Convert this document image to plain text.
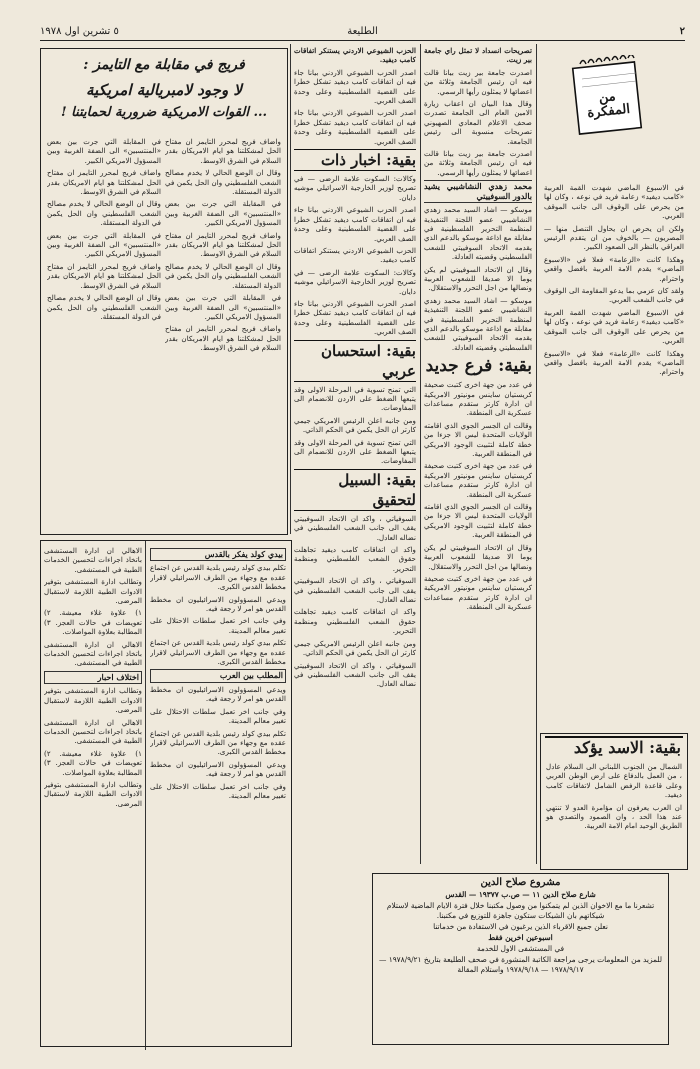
٢
الطليعة
٥ تشرين اول ١٩٧٨
من المفكرة

في الاسبوع الماضي شهدت القمة العربية «كامب ديفيد» زعامة فريد في نوعه ، وكان لها من يحرص على الوقوف الى جانب الموقف العربي.

ولكن ان يحرص ان يحاول التنصل منها — المصريون — بالخوف من ان يتقدم الرئيس العراقي بالنظر الى الصعود الكبير.

وهكذا كانت «الزعامة» فعلا في «الاسبوع الماضي» يقدم الامة العربية بافضل واقعي واحترام.

ولقد كان عزمي بما يدعو المقاومة الى الوقوف في جانب الشعب العربي.

في الاسبوع الماضي شهدت القمة العربية «كامب ديفيد» زعامة فريد في نوعه ، وكان لها من يحرص على الوقوف الى جانب الموقف العربي.

وهكذا كانت «الزعامة» فعلا في «الاسبوع الماضي» يقدم الامة العربية بافضل واقعي واحترام.

بقية: الاسد يؤكد

الشمال من الجنوب اللبناني الى السلام عادل ، من العمل بالدفاع على ارض الوطن العربي وعلى قاعدة الرفض الشامل لاتفاقات كامب ديفيد.

ان العرب يعرفون ان مؤامرة العدو لا تنتهي عند هذا الحد ، وان الصمود والتصدي هو الطريق الوحيد امام الامة العربية.

تصريحات انسداد لا تمثل راي جامعة بير زيت.

اصدرت جامعة بير زيت بيانا قالت فيه ان رئيس الجامعة وثلاثة من اعضائها لا يمثلون رأيها الرسمي.

وقال هذا البيان ان اعقاب زيارة الامين العام الى الجامعة تصدرت صحف الاعلام المعادي الصهيوني تصريحات منسوبة الى رئيس الجامعة.

اصدرت جامعة بير زيت بيانا قالت فيه ان رئيس الجامعة وثلاثة من اعضائها لا يمثلون رأيها الرسمي.

محمد زهدي النشاشيبي يشيد بالدور السوفييتي

موسكو — اشاد السيد محمد زهدي النشاشيبي عضو اللجنة التنفيذية لمنظمة التحرير الفلسطينية في مقابلة مع اذاعة موسكو بالدعم الذي يقدمه الاتحاد السوفييتي للشعب الفلسطيني وقضيته العادلة.

وقال ان الاتحاد السوفييتي لم يكن يوما الا صديقا للشعوب العربية ونضالها من اجل التحرر والاستقلال.

موسكو — اشاد السيد محمد زهدي النشاشيبي عضو اللجنة التنفيذية لمنظمة التحرير الفلسطينية في مقابلة مع اذاعة موسكو بالدعم الذي يقدمه الاتحاد السوفييتي للشعب الفلسطيني وقضيته العادلة.

بقية: فرع جديد

في عدد من جهة اخرى كتبت صحيفة كريستيان ساينس مونيتور الامريكية ان ادارة كارتر ستقدم مساعدات عسكرية الى المنطقة.

وقالت ان الجسر الجوي الذي اقامته الولايات المتحدة ليس الا جزءا من خطة كاملة لتثبيت الوجود الامريكي في المنطقة العربية.

في عدد من جهة اخرى كتبت صحيفة كريستيان ساينس مونيتور الامريكية ان ادارة كارتر ستقدم مساعدات عسكرية الى المنطقة.

وقالت ان الجسر الجوي الذي اقامته الولايات المتحدة ليس الا جزءا من خطة كاملة لتثبيت الوجود الامريكي في المنطقة العربية.

وقال ان الاتحاد السوفييتي لم يكن يوما الا صديقا للشعوب العربية ونضالها من اجل التحرر والاستقلال.

في عدد من جهة اخرى كتبت صحيفة كريستيان ساينس مونيتور الامريكية ان ادارة كارتر ستقدم مساعدات عسكرية الى المنطقة.

فريج في مقابلة مع التايمز :
لا وجود لامبريالية امريكية
... القوات الامريكية ضرورية لحمايتنا !

واضاف فريج لمحرر التايمز ان مفتاح الحل لمشكلتنا هو ايام الامريكان بقدر السلام في الشرق الاوسط.

وقال ان الوضع الحالي لا يخدم مصالح الشعب الفلسطيني وان الحل يكمن في الدولة المستقلة.

في المقابلة التي جرت بين بعض «المنتسبين» الى الضفة الغربية وبين المسؤول الامريكي الكبير.

واضاف فريج لمحرر التايمز ان مفتاح الحل لمشكلتنا هو ايام الامريكان بقدر السلام في الشرق الاوسط.

وقال ان الوضع الحالي لا يخدم مصالح الشعب الفلسطيني وان الحل يكمن في الدولة المستقلة.

في المقابلة التي جرت بين بعض «المنتسبين» الى الضفة الغربية وبين المسؤول الامريكي الكبير.

واضاف فريج لمحرر التايمز ان مفتاح الحل لمشكلتنا هو ايام الامريكان بقدر السلام في الشرق الاوسط.

في المقابلة التي جرت بين بعض «المنتسبين» الى الضفة الغربية وبين المسؤول الامريكي الكبير.

واضاف فريج لمحرر التايمز ان مفتاح الحل لمشكلتنا هو ايام الامريكان بقدر السلام في الشرق الاوسط.

وقال ان الوضع الحالي لا يخدم مصالح الشعب الفلسطيني وان الحل يكمن في الدولة المستقلة.

في المقابلة التي جرت بين بعض «المنتسبين» الى الضفة الغربية وبين المسؤول الامريكي الكبير.

واضاف فريج لمحرر التايمز ان مفتاح الحل لمشكلتنا هو ايام الامريكان بقدر السلام في الشرق الاوسط.

وقال ان الوضع الحالي لا يخدم مصالح الشعب الفلسطيني وان الحل يكمن في الدولة المستقلة.

الحزب الشيوعي الاردني يستنكر اتفاقات كامب ديفيد.

اصدر الحزب الشيوعي الاردني بيانا جاء فيه ان اتفاقات كامب ديفيد تشكل خطرا على القضية الفلسطينية وعلى وحدة الصف العربي.

اصدر الحزب الشيوعي الاردني بيانا جاء فيه ان اتفاقات كامب ديفيد تشكل خطرا على القضية الفلسطينية وعلى وحدة الصف العربي.

بقية: اخبار ذات

وكالات: السكوت علامة الرضى — في تصريح لوزير الخارجية الاسرائيلي موشيه دايان.

اصدر الحزب الشيوعي الاردني بيانا جاء فيه ان اتفاقات كامب ديفيد تشكل خطرا على القضية الفلسطينية وعلى وحدة الصف العربي.

الحزب الشيوعي الاردني يستنكر اتفاقات كامب ديفيد.

وكالات: السكوت علامة الرضى — في تصريح لوزير الخارجية الاسرائيلي موشيه دايان.

اصدر الحزب الشيوعي الاردني بيانا جاء فيه ان اتفاقات كامب ديفيد تشكل خطرا على القضية الفلسطينية وعلى وحدة الصف العربي.

بقية: استحسان عربي

التي تمنح تسوية في المرحلة الاولى وقد يتبعها الضغط على الاردن للانضمام الى المفاوضات.

ومن جانبه اعلن الرئيس الامريكي جيمي كارتر ان الحل يكمن في الحكم الذاتي.

التي تمنح تسوية في المرحلة الاولى وقد يتبعها الضغط على الاردن للانضمام الى المفاوضات.

بقية: السبيل لتحقيق

السوفياتي ، واكد ان الاتحاد السوفييتي يقف الى جانب الشعب الفلسطيني في نضاله العادل.

واكد ان اتفاقات كامب ديفيد تجاهلت حقوق الشعب الفلسطيني ومنظمة التحرير.

السوفياتي ، واكد ان الاتحاد السوفييتي يقف الى جانب الشعب الفلسطيني في نضاله العادل.

واكد ان اتفاقات كامب ديفيد تجاهلت حقوق الشعب الفلسطيني ومنظمة التحرير.

ومن جانبه اعلن الرئيس الامريكي جيمي كارتر ان الحل يكمن في الحكم الذاتي.

السوفياتي ، واكد ان الاتحاد السوفييتي يقف الى جانب الشعب الفلسطيني في نضاله العادل.

بيدي كولد يفكر بالقدس

تكلم بيدي كولد رئيس بلدية القدس عن اجتماع عقده مع وجهاء من الطرف الاسرائيلي لاقرار مخطط القدس الكبرى.

ويدعي المسؤولون الاسرائيليون ان مخطط القدس هو امر لا رجعة فيه.

وفي جانب اخر تعمل سلطات الاحتلال على تغيير معالم المدينة.

تكلم بيدي كولد رئيس بلدية القدس عن اجتماع عقده مع وجهاء من الطرف الاسرائيلي لاقرار مخطط القدس الكبرى.

المطلب بين العرب

ويدعي المسؤولون الاسرائيليون ان مخطط القدس هو امر لا رجعة فيه.

وفي جانب اخر تعمل سلطات الاحتلال على تغيير معالم المدينة.

تكلم بيدي كولد رئيس بلدية القدس عن اجتماع عقده مع وجهاء من الطرف الاسرائيلي لاقرار مخطط القدس الكبرى.

ويدعي المسؤولون الاسرائيليون ان مخطط القدس هو امر لا رجعة فيه.

وفي جانب اخر تعمل سلطات الاحتلال على تغيير معالم المدينة.

الاهالي ان ادارة المستشفى باتخاذ اجراءات لتحسين الخدمات الطبية في المستشفى.

وتطالب ادارة المستشفى بتوفير الادوات الطبية اللازمة لاستقبال المرضى.

١) علاوة غلاء معيشة. ٢) تعويضات في حالات العجز. ٣) المطالبة بعلاوة المواصلات.

الاهالي ان ادارة المستشفى باتخاذ اجراءات لتحسين الخدمات الطبية في المستشفى.

اختلاف احبار

وتطالب ادارة المستشفى بتوفير الادوات الطبية اللازمة لاستقبال المرضى.

الاهالي ان ادارة المستشفى باتخاذ اجراءات لتحسين الخدمات الطبية في المستشفى.

١) علاوة غلاء معيشة. ٢) تعويضات في حالات العجز. ٣) المطالبة بعلاوة المواصلات.

وتطالب ادارة المستشفى بتوفير الادوات الطبية اللازمة لاستقبال المرضى.

مشروع صلاح الدين

شارع صلاح الدين ١١ — ص.ب ١٩٣٧٧ — القدس

تشعرنا ما مع الاخوان الذين لم يتمكنوا من وصول مكتبنا خلال فترة الايام الماضية لاستلام شيكاتهم بان الشيكات ستكون جاهزة للتوزيع في مكتبنا.

نعلن جميع الاقرباء الذين يرغبون في الاستفادة من خدماتنا

اسبوعين اخرين فقط

في المستشفى الاول للخدمة

للمزيد من المعلومات يرجى مراجعة الكاتبة المنشورة في صحف الطليعة بتاريخ ١٩٧٨/٩/٢١ — ١٩٧٨/٩/١٧ — ١٩٧٨/٩/١٨ واستلام المقالة
